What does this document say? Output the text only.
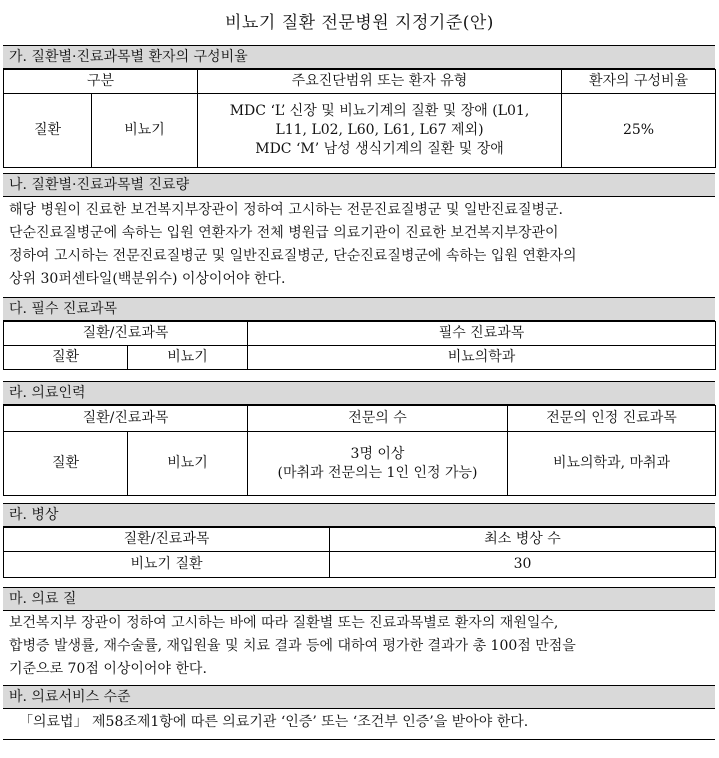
비뇨기 질환 전문병원 지정기준(안)
가. 질환별·진료과목별 환자의 구성비율
구분		주요진단범위 또는 환자 유형	환자의 구성비율
질환	비뇨기	MDC ‘L’ 신장 및 비뇨기계의 질환 및 장애 (L01,
L11, L02, L60, L61, L67 제외)
MDC ‘M’ 남성 생식기계의 질환 및 장애	25%
나. 질환별·진료과목별 진료량
해당 병원이 진료한 보건복지부장관이 정하여 고시하는 전문진료질병군 및 일반진료질병군.
단순진료질병군에 속하는 입원 연환자가 전체 병원급 의료기관이 진료한 보건복지부장관이
정하여 고시하는 전문진료질병군 및 일반진료질병군, 단순진료질병군에 속하는 입원 연환자의
상위 30퍼센타일(백분위수) 이상이어야 한다.
다. 필수 진료과목
질환/진료과목		필수 진료과목
질환	비뇨기	비뇨의학과
라. 의료인력
질환/진료과목		전문의 수	전문의 인정 진료과목
질환	비뇨기	3명 이상
(마취과 전문의는 1인 인정 가능)	비뇨의학과, 마취과
라. 병상
질환/진료과목	최소 병상 수
비뇨기 질환	30
마. 의료 질
보건복지부 장관이 정하여 고시하는 바에 따라 질환별 또는 진료과목별로 환자의 재원일수,
합병증 발생률, 재수술률, 재입원율 및 치료 결과 등에 대하여 평가한 결과가 총 100점 만점을
기준으로 70점 이상이어야 한다.
바. 의료서비스 수준
「의료법」 제58조제1항에 따른 의료기관 ‘인증’ 또는 ‘조건부 인증’을 받아야 한다.
